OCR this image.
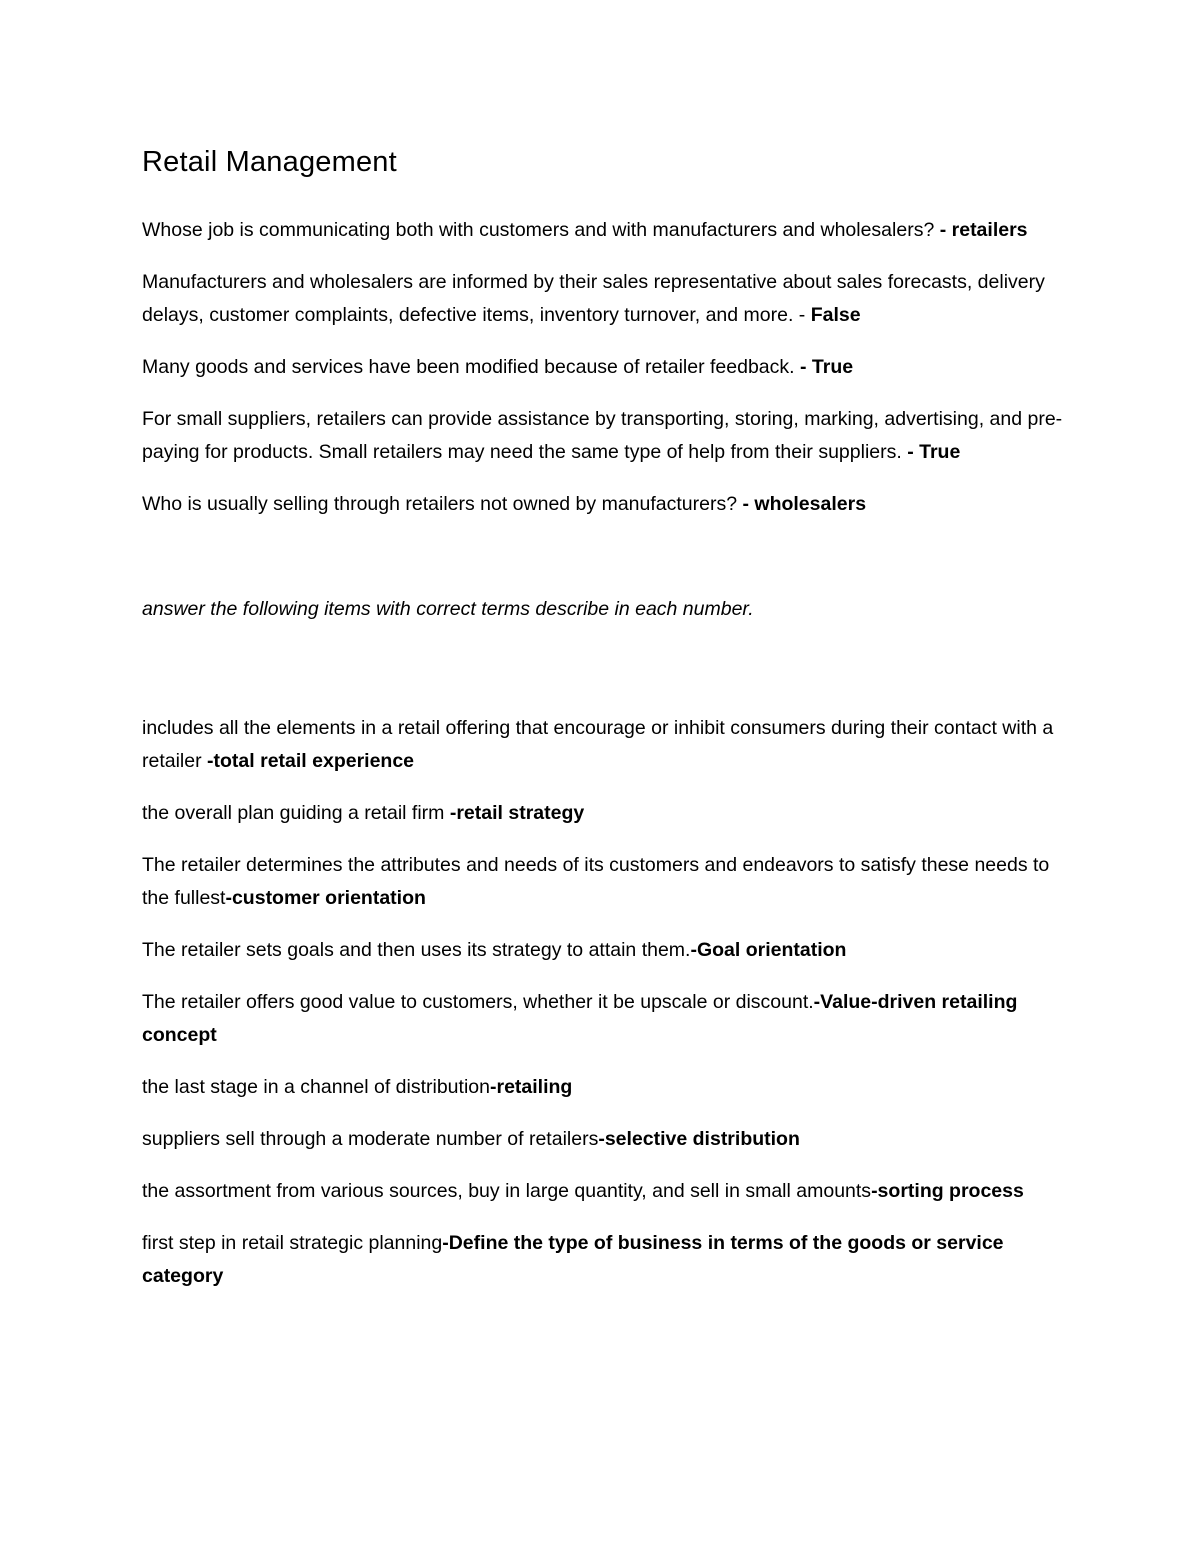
Retail Management

Whose job is communicating both with customers and with manufacturers and wholesalers? - retailers

Manufacturers and wholesalers are informed by their sales representative about sales forecasts, delivery delays, customer complaints, defective items, inventory turnover, and more. - False

Many goods and services have been modified because of retailer feedback. - True

For small suppliers, retailers can provide assistance by transporting, storing, marking, advertising, and pre-paying for products. Small retailers may need the same type of help from their suppliers. - True

Who is usually selling through retailers not owned by manufacturers? - wholesalers

answer the following items with correct terms describe in each number.

includes all the elements in a retail offering that encourage or inhibit consumers during their contact with a retailer -total retail experience

the overall plan guiding a retail firm -retail strategy

The retailer determines the attributes and needs of its customers and endeavors to satisfy these needs to the fullest-customer orientation

The retailer sets goals and then uses its strategy to attain them.-Goal orientation

The retailer offers good value to customers, whether it be upscale or discount.-Value-driven retailing concept

the last stage in a channel of distribution-retailing

suppliers sell through a moderate number of retailers-selective distribution

the assortment from various sources, buy in large quantity, and sell in small amounts-sorting process

first step in retail strategic planning-Define the type of business in terms of the goods or service category
